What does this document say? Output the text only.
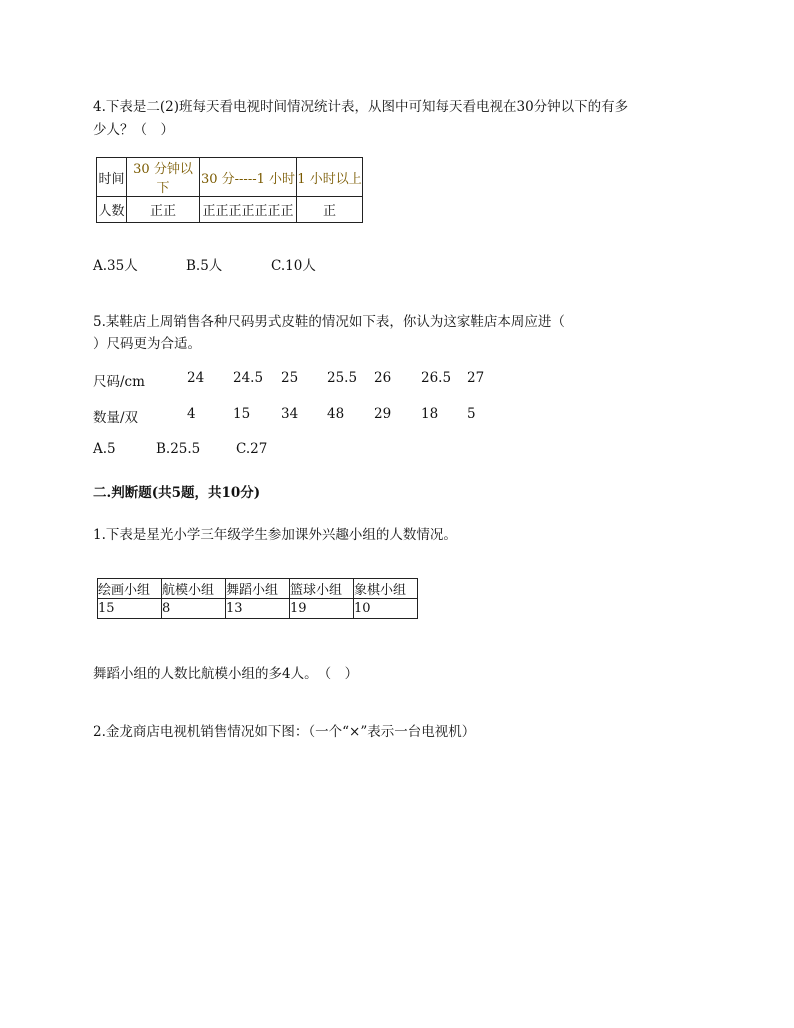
4.下表是二(2)班每天看电视时间情况统计表，从图中可知每天看电视在30分钟以下的有多
少人？（　）
时间	30 分钟以下	30 分-----1 小时	1 小时以上
人数	正正	正正正正正正正	正
A.35人	B.5人	C.10人
5.某鞋店上周销售各种尺码男式皮鞋的情况如下表，你认为这家鞋店本周应进（
）尺码更为合适。
尺码/cm	24 24.5 25 25.5 26 26.5 27
数量/双	4	15 34 48 29 18 5
A.5	B.25.5	C.27
二.判断题(共5题，共10分)
1.下表是星光小学三年级学生参加课外兴趣小组的人数情况。
绘画小组	航模小组	舞蹈小组	篮球小组	象棋小组
15	8	13	19	10
舞蹈小组的人数比航模小组的多4人。　（　）
2.金龙商店电视机销售情况如下图：（一个“×”表示一台电视机）
